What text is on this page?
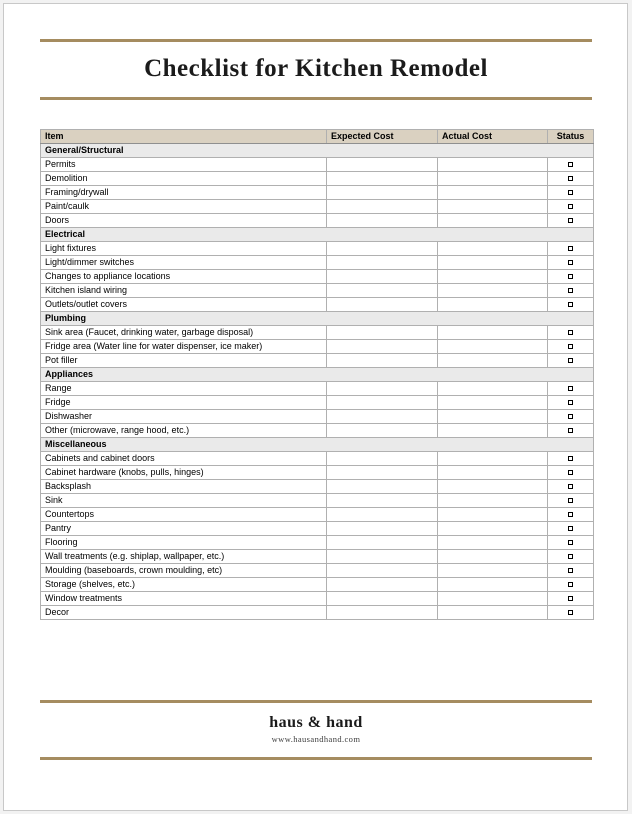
Checklist for Kitchen Remodel
Item	Expected Cost	Actual Cost	Status
General/Structural			
Permits			
Demolition			
Framing/drywall			
Paint/caulk			
Doors			
Electrical			
Light fixtures			
Light/dimmer switches			
Changes to appliance locations			
Kitchen island wiring			
Outlets/outlet covers			
Plumbing			
Sink area (Faucet, drinking water, garbage disposal)			
Fridge area (Water line for water dispenser, ice maker)			
Pot filler			
Appliances			
Range			
Fridge			
Dishwasher			
Other (microwave, range hood, etc.)			
Miscellaneous			
Cabinets and cabinet doors			
Cabinet hardware (knobs, pulls, hinges)			
Backsplash			
Sink			
Countertops			
Pantry			
Flooring			
Wall treatments (e.g. shiplap, wallpaper, etc.)			
Moulding (baseboards, crown moulding, etc)			
Storage (shelves, etc.)			
Window treatments			
Decor			
haus & hand
www.hausandhand.com
